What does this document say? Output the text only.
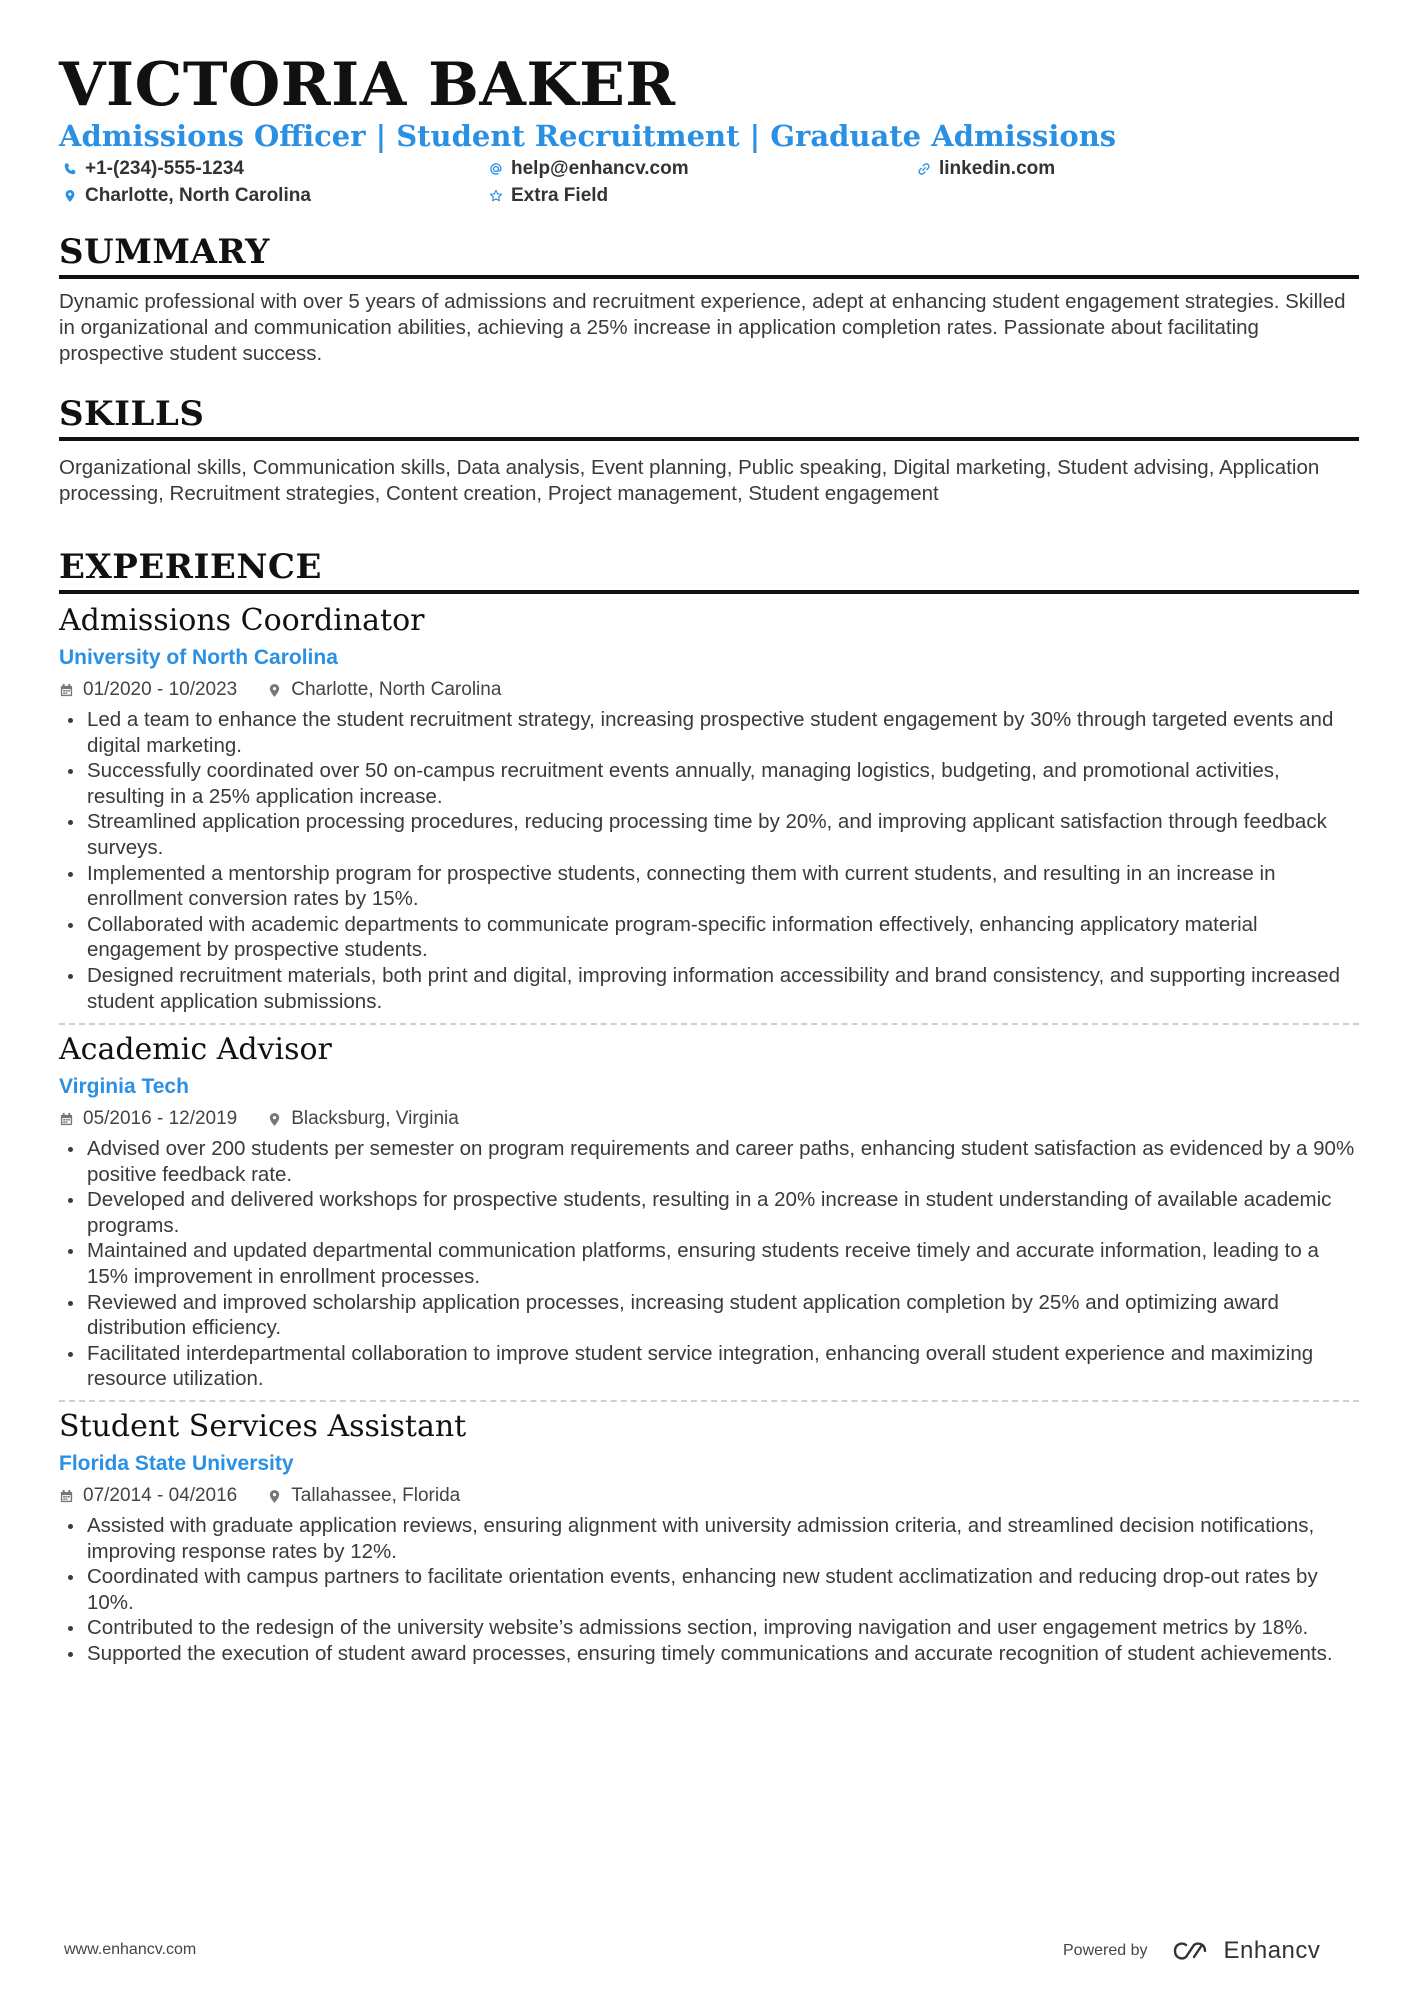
VICTORIA BAKER
Admissions Officer | Student Recruitment | Graduate Admissions
+1-(234)-555-1234	help@enhancv.com	linkedin.com
Charlotte, North Carolina	Extra Field
SUMMARY

Dynamic professional with over 5 years of admissions and recruitment experience, adept at enhancing student engagement strategies. Skilled in organizational and communication abilities, achieving a 25% increase in application completion rates. Passionate about facilitating prospective student success.

SKILLS

Organizational skills, Communication skills, Data analysis, Event planning, Public speaking, Digital marketing, Student advising, Application processing, Recruitment strategies, Content creation, Project management, Student engagement

EXPERIENCE
Admissions Coordinator
University of North Carolina
01/2020 - 10/2023	Charlotte, North Carolina
Led a team to enhance the student recruitment strategy, increasing prospective student engagement by 30% through targeted events and digital marketing.
Successfully coordinated over 50 on-campus recruitment events annually, managing logistics, budgeting, and promotional activities, resulting in a 25% application increase.
Streamlined application processing procedures, reducing processing time by 20%, and improving applicant satisfaction through feedback surveys.
Implemented a mentorship program for prospective students, connecting them with current students, and resulting in an increase in enrollment conversion rates by 15%.
Collaborated with academic departments to communicate program-specific information effectively, enhancing applicatory material engagement by prospective students.
Designed recruitment materials, both print and digital, improving information accessibility and brand consistency, and supporting increased student application submissions.
Academic Advisor
Virginia Tech
05/2016 - 12/2019	Blacksburg, Virginia
Advised over 200 students per semester on program requirements and career paths, enhancing student satisfaction as evidenced by a 90% positive feedback rate.
Developed and delivered workshops for prospective students, resulting in a 20% increase in student understanding of available academic programs.
Maintained and updated departmental communication platforms, ensuring students receive timely and accurate information, leading to a 15% improvement in enrollment processes.
Reviewed and improved scholarship application processes, increasing student application completion by 25% and optimizing award distribution efficiency.
Facilitated interdepartmental collaboration to improve student service integration, enhancing overall student experience and maximizing resource utilization.
Student Services Assistant
Florida State University
07/2014 - 04/2016	Tallahassee, Florida
Assisted with graduate application reviews, ensuring alignment with university admission criteria, and streamlined decision notifications, improving response rates by 12%.
Coordinated with campus partners to facilitate orientation events, enhancing new student acclimatization and reducing drop-out rates by 10%.
Contributed to the redesign of the university website’s admissions section, improving navigation and user engagement metrics by 18%.
Supported the execution of student award processes, ensuring timely communications and accurate recognition of student achievements.
www.enhancv.com	Powered by	Enhancv
